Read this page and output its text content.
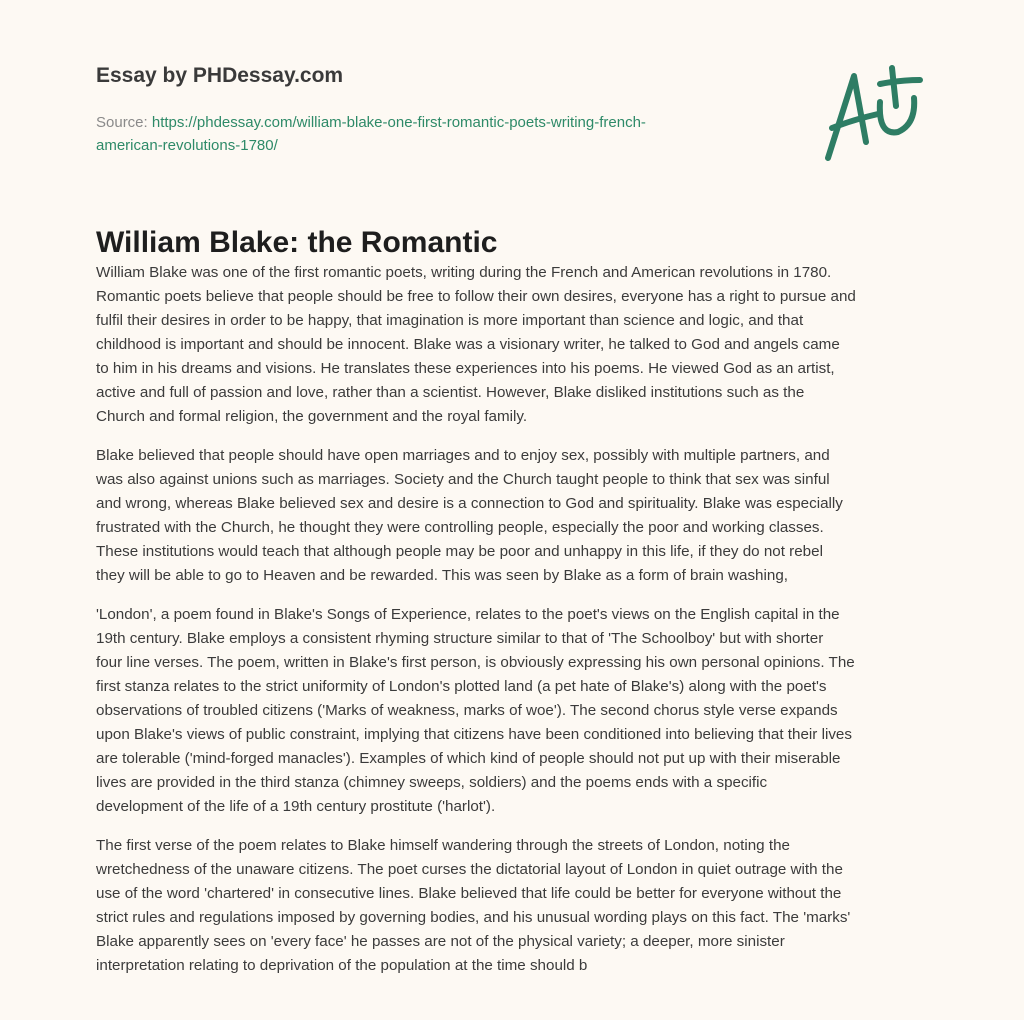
Essay by PHDessay.com
Source: https://phdessay.com/william-blake-one-first-romantic-poets-writing-french-
american-revolutions-1780/
William Blake: the Romantic

William Blake was one of the first romantic poets, writing during the French and American revolutions in 1780.
Romantic poets believe that people should be free to follow their own desires, everyone has a right to pursue and
fulfil their desires in order to be happy, that imagination is more important than science and logic, and that
childhood is important and should be innocent. Blake was a visionary writer, he talked to God and angels came
to him in his dreams and visions. He translates these experiences into his poems. He viewed God as an artist,
active and full of passion and love, rather than a scientist. However, Blake disliked institutions such as the
Church and formal religion, the government and the royal family.

Blake believed that people should have open marriages and to enjoy sex, possibly with multiple partners, and
was also against unions such as marriages. Society and the Church taught people to think that sex was sinful
and wrong, whereas Blake believed sex and desire is a connection to God and spirituality. Blake was especially
frustrated with the Church, he thought they were controlling people, especially the poor and working classes.
These institutions would teach that although people may be poor and unhappy in this life, if they do not rebel
they will be able to go to Heaven and be rewarded. This was seen by Blake as a form of brain washing,

'London', a poem found in Blake's Songs of Experience, relates to the poet's views on the English capital in the
19th century. Blake employs a consistent rhyming structure similar to that of 'The Schoolboy' but with shorter
four line verses. The poem, written in Blake's first person, is obviously expressing his own personal opinions. The
first stanza relates to the strict uniformity of London's plotted land (a pet hate of Blake's) along with the poet's
observations of troubled citizens ('Marks of weakness, marks of woe'). The second chorus style verse expands
upon Blake's views of public constraint, implying that citizens have been conditioned into believing that their lives
are tolerable ('mind-forged manacles'). Examples of which kind of people should not put up with their miserable
lives are provided in the third stanza (chimney sweeps, soldiers) and the poems ends with a specific
development of the life of a 19th century prostitute ('harlot').

The first verse of the poem relates to Blake himself wandering through the streets of London, noting the
wretchedness of the unaware citizens. The poet curses the dictatorial layout of London in quiet outrage with the
use of the word 'chartered' in consecutive lines. Blake believed that life could be better for everyone without the
strict rules and regulations imposed by governing bodies, and his unusual wording plays on this fact. The 'marks'
Blake apparently sees on 'every face' he passes are not of the physical variety; a deeper, more sinister
interpretation relating to deprivation of the population at the time should b
